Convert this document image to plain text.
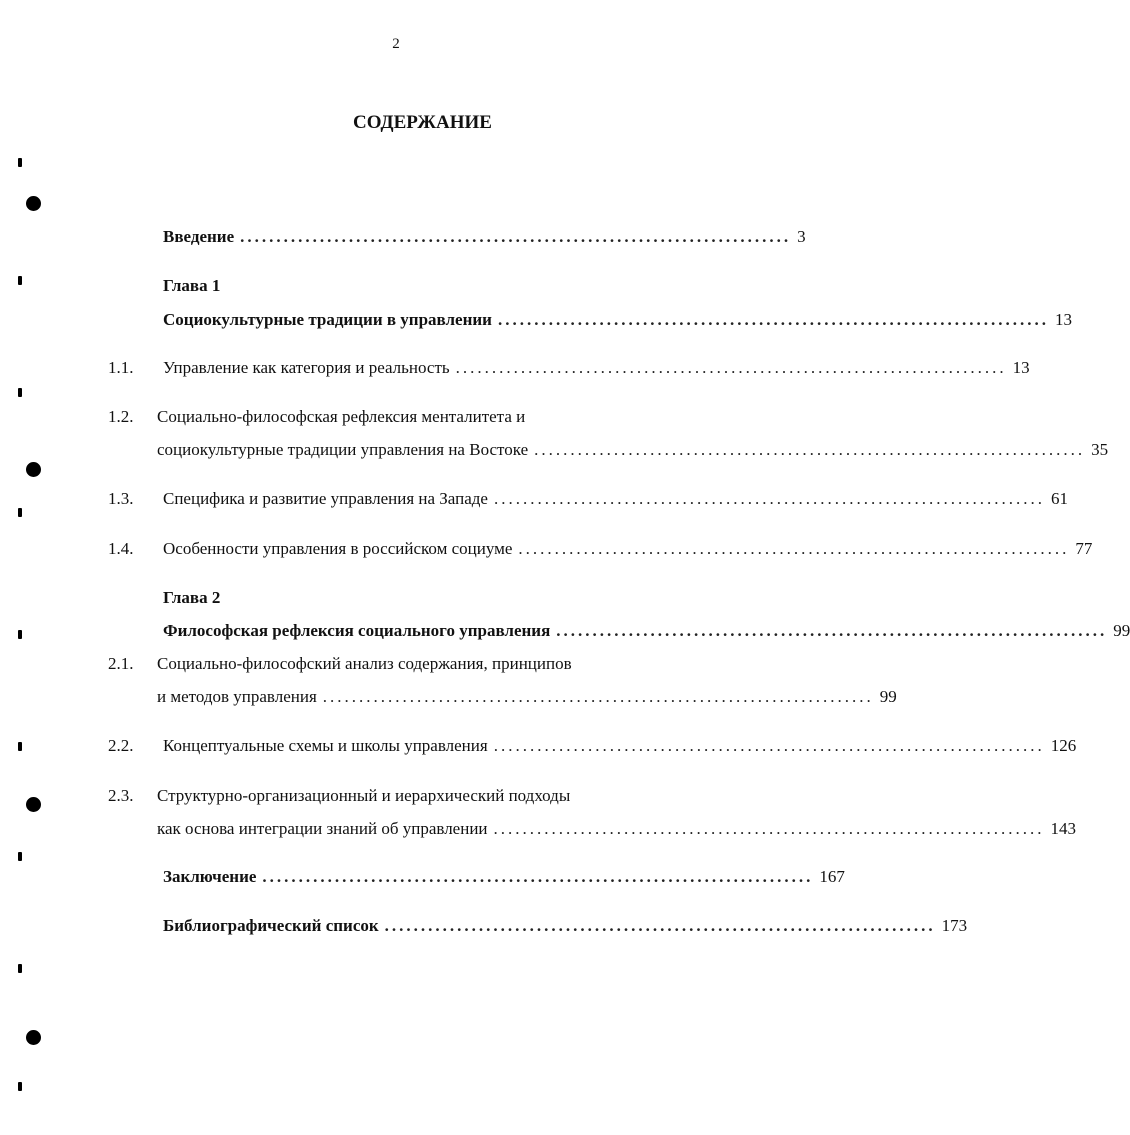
2
СОДЕРЖАНИЕ
Введение ............................................................................ 3
Глава 1
Социокультурные традиции в управлении ............................................................................ 13
1.1. Управление как категория и реальность ............................................................................ 13
1.2. Социально-философская рефлексия менталитета и
социокультурные традиции управления на Востоке ............................................................................ 35
1.3. Специфика и развитие управления на Западе ............................................................................ 61
1.4. Особенности управления в российском социуме ............................................................................ 77
Глава 2
Философская рефлексия социального управления ............................................................................ 99
2.1. Социально-философский анализ содержания, принципов
и методов управления ............................................................................ 99
2.2. Концептуальные схемы и школы управления ............................................................................ 126
2.3. Структурно-организационный и иерархический подходы
как основа интеграции знаний об управлении ............................................................................ 143
Заключение ............................................................................ 167
Библиографический список ............................................................................ 173
